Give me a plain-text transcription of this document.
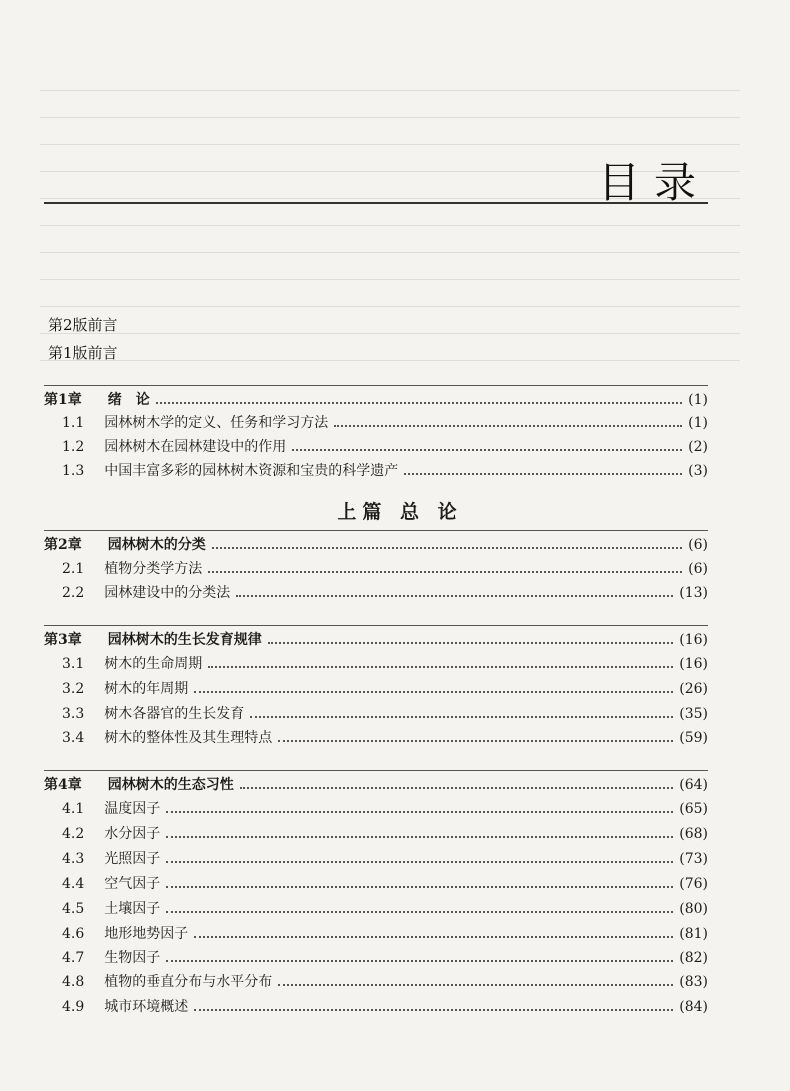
目录
第2版前言
第1版前言
第1章 绪　论	(1)
1.1 园林树木学的定义、任务和学习方法	(1)
1.2 园林树木在园林建设中的作用	(2)
1.3 中国丰富多彩的园林树木资源和宝贵的科学遗产	(3)
上篇 总 论
第2章 园林树木的分类	(6)
2.1 植物分类学方法	(6)
2.2 园林建设中的分类法	(13)
第3章 园林树木的生长发育规律	(16)
3.1 树木的生命周期	(16)
3.2 树木的年周期	(26)
3.3 树木各器官的生长发育	(35)
3.4 树木的整体性及其生理特点	(59)
第4章 园林树木的生态习性	(64)
4.1 温度因子	(65)
4.2 水分因子	(68)
4.3 光照因子	(73)
4.4 空气因子	(76)
4.5 土壤因子	(80)
4.6 地形地势因子	(81)
4.7 生物因子	(82)
4.8 植物的垂直分布与水平分布	(83)
4.9 城市环境概述	(84)
